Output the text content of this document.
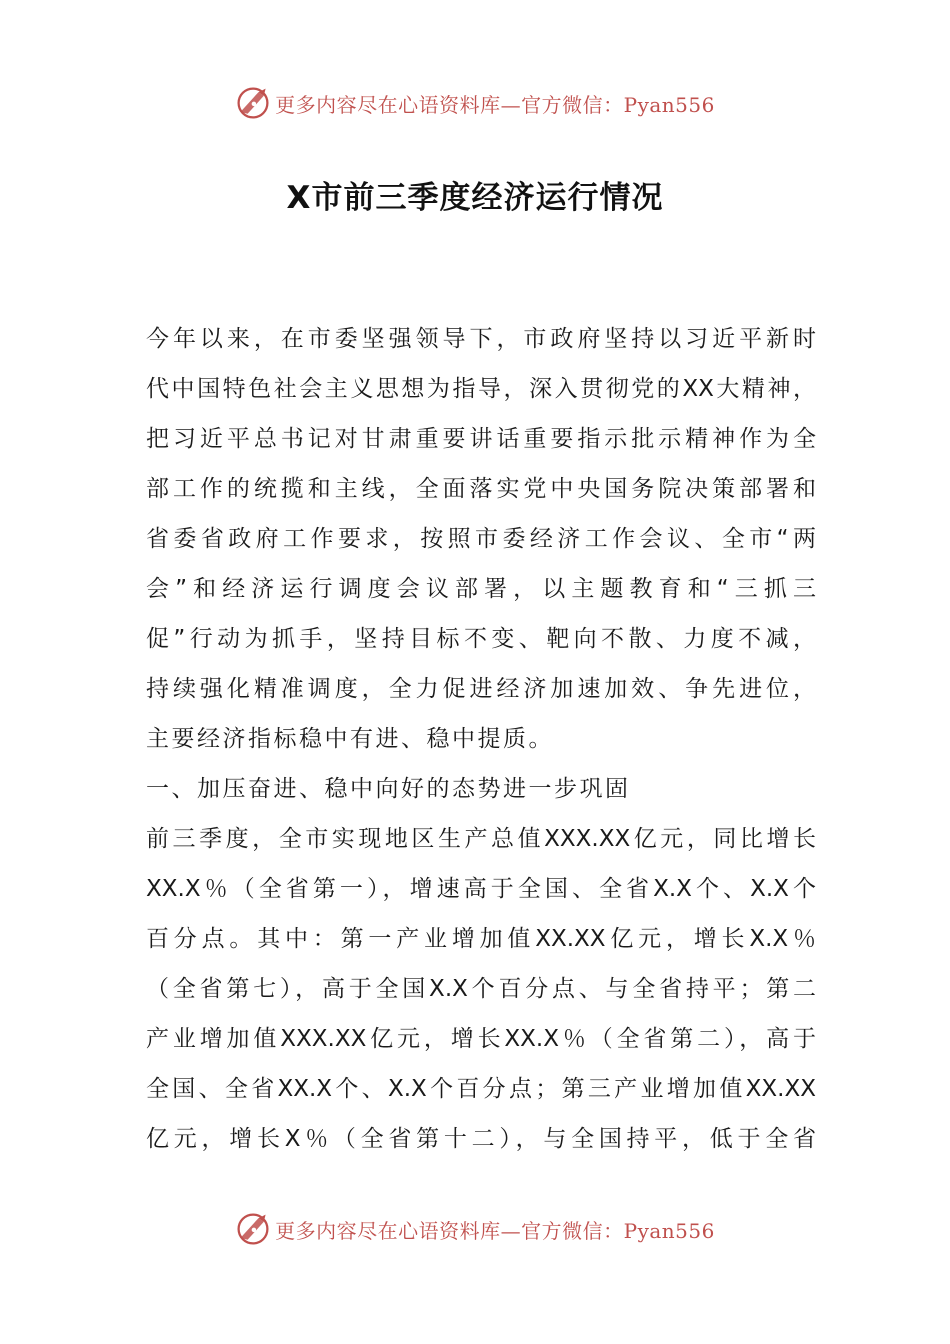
更多内容尽在心语资料库—官方微信：Pyan556
X市前三季度经济运行情况
今年以来，在市委坚强领导下，市政府坚持以习近平新时
代中国特色社会主义思想为指导，深入贯彻党的XX大精神，
把习近平总书记对甘肃重要讲话重要指示批示精神作为全
部工作的统揽和主线，全面落实党中央国务院决策部署和
省委省政府工作要求，按照市委经济工作会议、全市“两
会”和经济运行调度会议部署，以主题教育和“三抓三
促”行动为抓手，坚持目标不变、靶向不散、力度不减，
持续强化精准调度，全力促进经济加速加效、争先进位，
主要经济指标稳中有进、稳中提质。
一、加压奋进、稳中向好的态势进一步巩固
前三季度，全市实现地区生产总值XXX.XX亿元，同比增长
XX.X％（全省第一），增速高于全国、全省X.X个、X.X个
百分点。其中：第一产业增加值XX.XX亿元，增长X.X％
（全省第七），高于全国X.X个百分点、与全省持平；第二
产业增加值XXX.XX亿元，增长XX.X％（全省第二），高于
全国、全省XX.X个、X.X个百分点；第三产业增加值XX.XX
亿元，增长X％（全省第十二），与全国持平，低于全省
更多内容尽在心语资料库—官方微信：Pyan556
